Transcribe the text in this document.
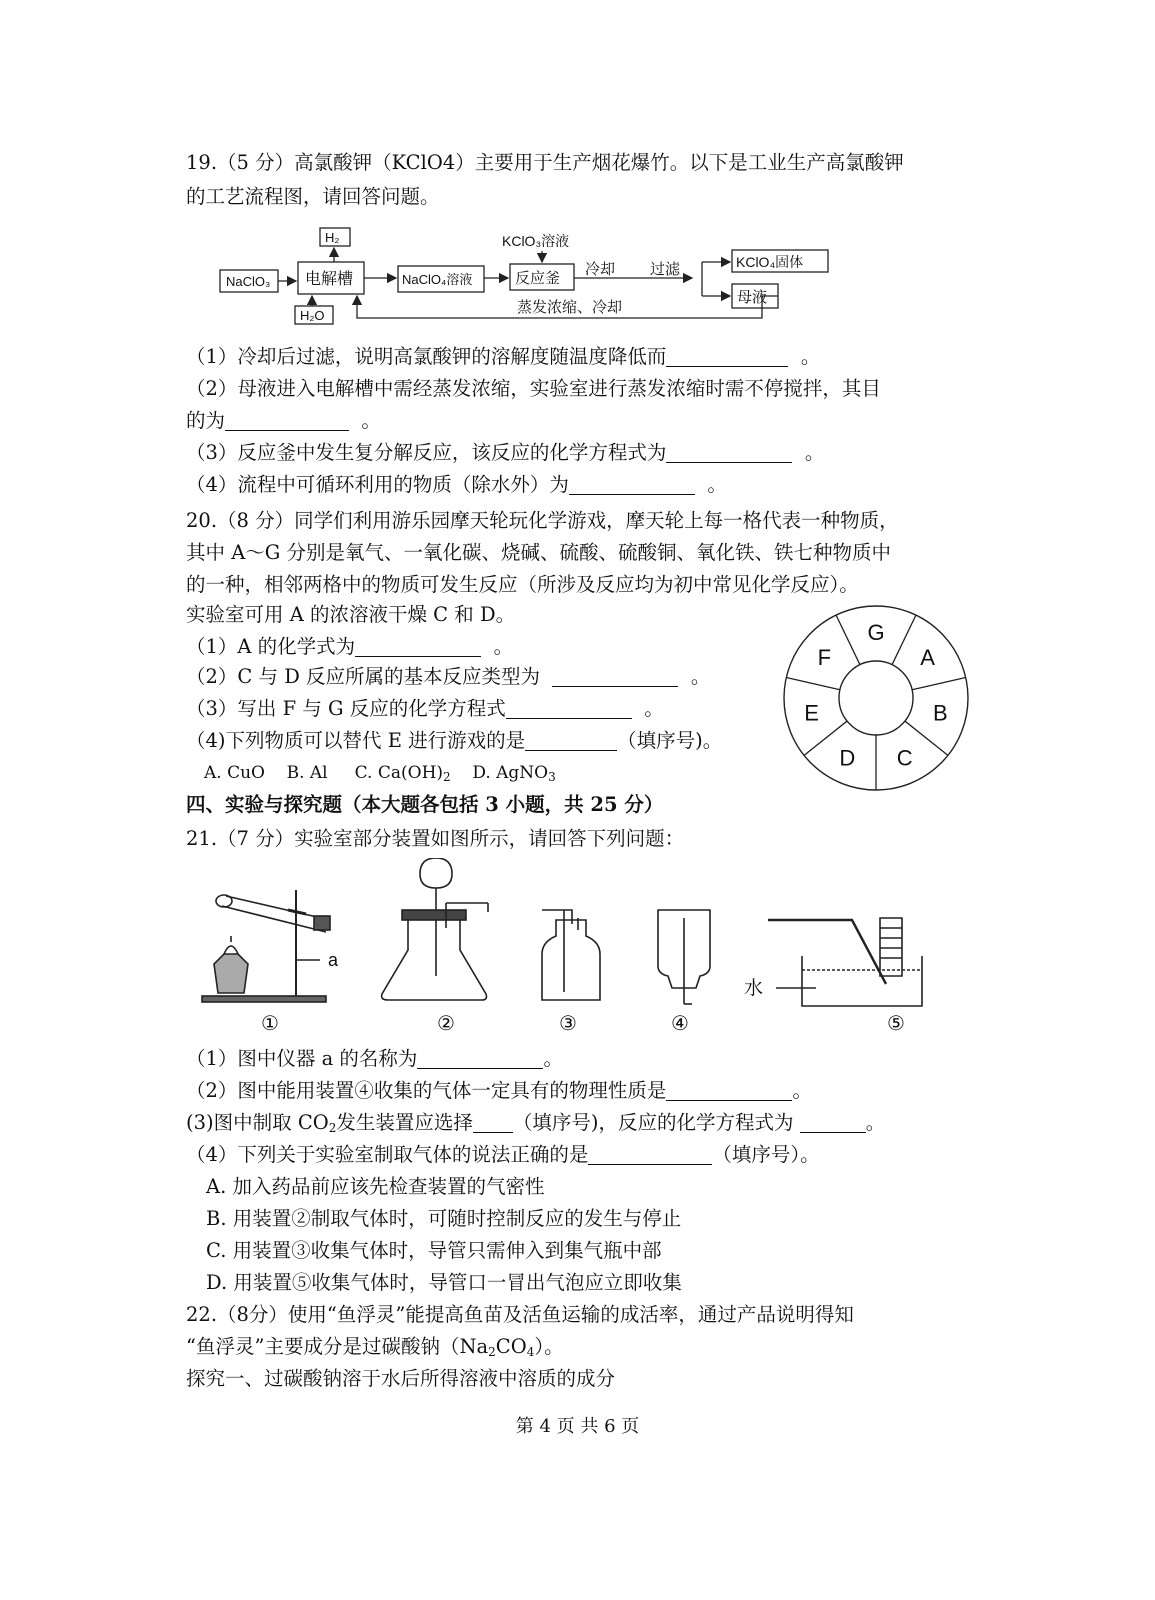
19.（5 分）高氯酸钾（KClO4）主要用于生产烟花爆竹。以下是工业生产高氯酸钾
的工艺流程图，请回答问题。
NaClO₃
H₂
电解槽
H₂O
NaClO₄溶液
KClO₃溶液
反应釜
冷却 过滤	KClO₄固体
母液
蒸发浓缩、冷却
（1）冷却后过滤，说明高氯酸钾的溶解度随温度降低而	。
（2）母液进入电解槽中需经蒸发浓缩，实验室进行蒸发浓缩时需不停搅拌，其目
的为	。
（3）反应釜中发生复分解反应，该反应的化学方程式为	。
（4）流程中可循环利用的物质（除水外）为	。
20.（8 分）同学们利用游乐园摩天轮玩化学游戏，摩天轮上每一格代表一种物质，
其中 A～G 分别是氧气、一氧化碳、烧碱、硫酸、硫酸铜、氧化铁、铁七种物质中
的一种，相邻两格中的物质可发生反应（所涉及反应均为初中常见化学反应）。
实验室可用 A 的浓溶液干燥 C 和 D。
（1）A 的化学式为	。
（2）C 与 D 反应所属的基本反应类型为	。
（3）写出 F 与 G 反应的化学方程式	。
（4)下列物质可以替代 E 进行游戏的是	（填序号)。
A. CuO B. Al C. $Ca(OH)_2$ D. AgNO$_3$
G
A
B
C
D
E
F
四、实验与探究题（本大题各包括 3 小题，共 25 分）
21.（7 分）实验室部分装置如图所示，请回答下列问题：
a
水
①	②	③	④	⑤
（1）图中仪器 a 的名称为	。
（2）图中能用装置④收集的气体一定具有的物理性质是	。
(3)图中制取 $CO_2$发生装置应选择 （填序号)，反应的化学方程式为	。
（4）下列关于实验室制取气体的说法正确的是	（填序号）。
A. 加入药品前应该先检查装置的气密性
B. 用装置②制取气体时，可随时控制反应的发生与停止
C. 用装置③收集气体时，导管只需伸入到集气瓶中部
D. 用装置⑤收集气体时，导管口一冒出气泡应立即收集
22.（8分）使用“鱼浮灵”能提高鱼苗及活鱼运输的成活率，通过产品说明得知
“鱼浮灵”主要成分是过碳酸钠$(Na_2CO_4)$。
探究一、过碳酸钠溶于水后所得溶液中溶质的成分
第 4 页 共 6 页
